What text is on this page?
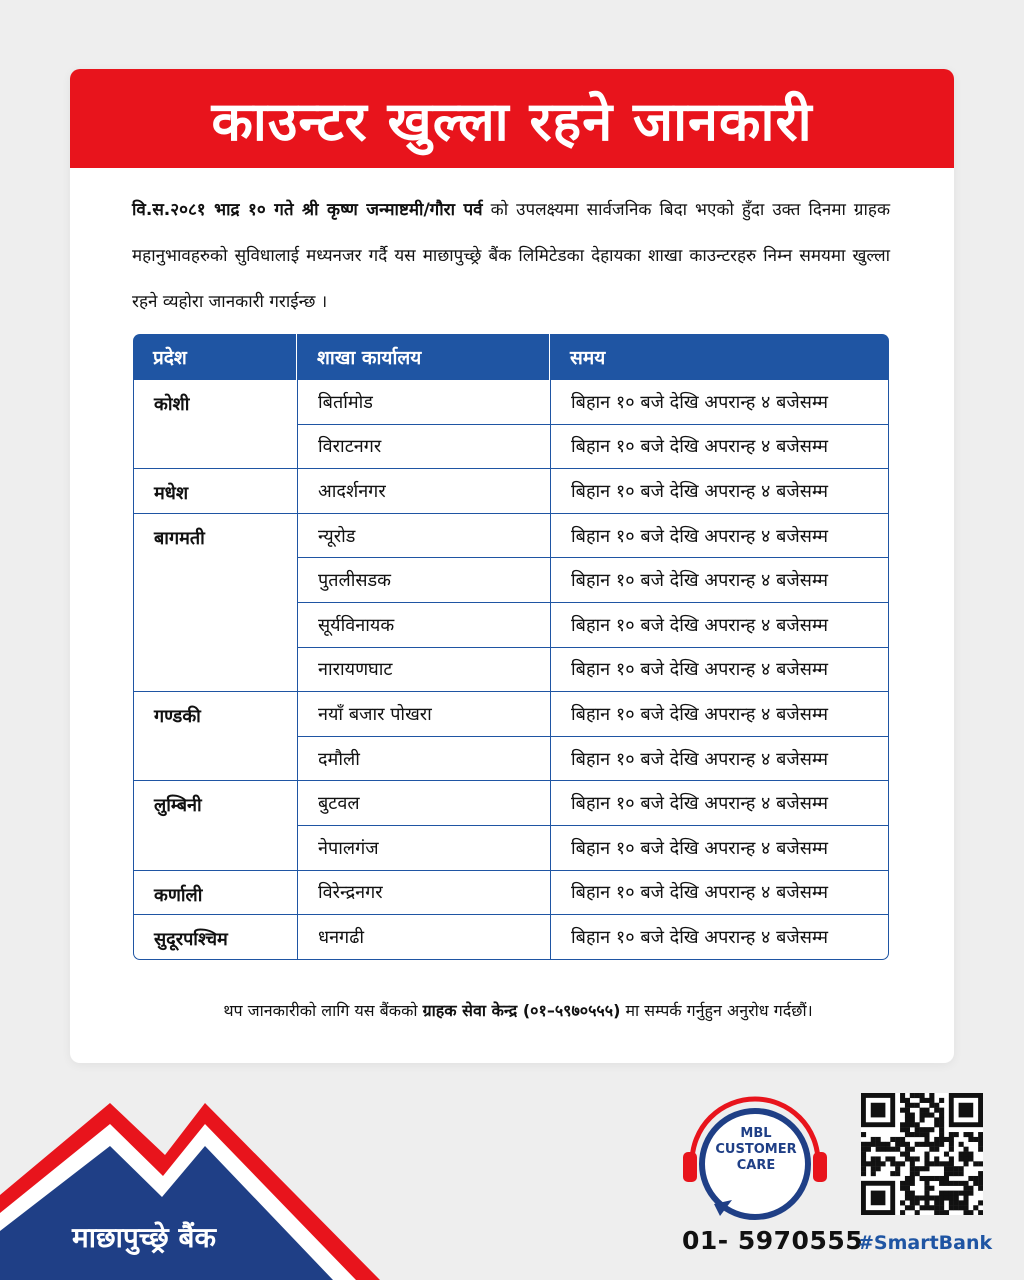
काउन्टर खुल्ला रहने जानकारी
वि.स.२०८१ भाद्र १० गते श्री कृष्ण जन्माष्टमी/गौरा पर्व को उपलक्ष्यमा सार्वजनिक बिदा भएको हुँदा उक्त दिनमा ग्राहक महानुभावहरुको सुविधालाई मध्यनजर गर्दै यस माछापुच्छ्रे बैंक लिमिटेडका देहायका शाखा काउन्टरहरु निम्न समयमा खुल्ला रहने व्यहोरा जानकारी गराईन्छ ।
प्रदेश	शाखा कार्यालय	समय
कोशी	बिर्तामोड	बिहान १० बजे देखि अपरान्ह ४ बजेसम्म
	विराटनगर	बिहान १० बजे देखि अपरान्ह ४ बजेसम्म
मधेश	आदर्शनगर	बिहान १० बजे देखि अपरान्ह ४ बजेसम्म
बागमती	न्यूरोड	बिहान १० बजे देखि अपरान्ह ४ बजेसम्म
	पुतलीसडक	बिहान १० बजे देखि अपरान्ह ४ बजेसम्म
	सूर्यविनायक	बिहान १० बजे देखि अपरान्ह ४ बजेसम्म
	नारायणघाट	बिहान १० बजे देखि अपरान्ह ४ बजेसम्म
गण्डकी	नयाँ बजार पोखरा	बिहान १० बजे देखि अपरान्ह ४ बजेसम्म
	दमौली	बिहान १० बजे देखि अपरान्ह ४ बजेसम्म
लुम्बिनी	बुटवल	बिहान १० बजे देखि अपरान्ह ४ बजेसम्म
	नेपालगंज	बिहान १० बजे देखि अपरान्ह ४ बजेसम्म
कर्णाली	विरेन्द्रनगर	बिहान १० बजे देखि अपरान्ह ४ बजेसम्म
सुदूरपश्चिम	धनगढी	बिहान १० बजे देखि अपरान्ह ४ बजेसम्म
थप जानकारीको लागि यस बैंकको ग्राहक सेवा केन्द्र (०१–५९७०५५५) मा सम्पर्क गर्नुहुन अनुरोध गर्दछौं।
माछापुच्छ्रे बैंक
MBL
CUSTOMER
CARE
01- 5970555
#SmartBank
